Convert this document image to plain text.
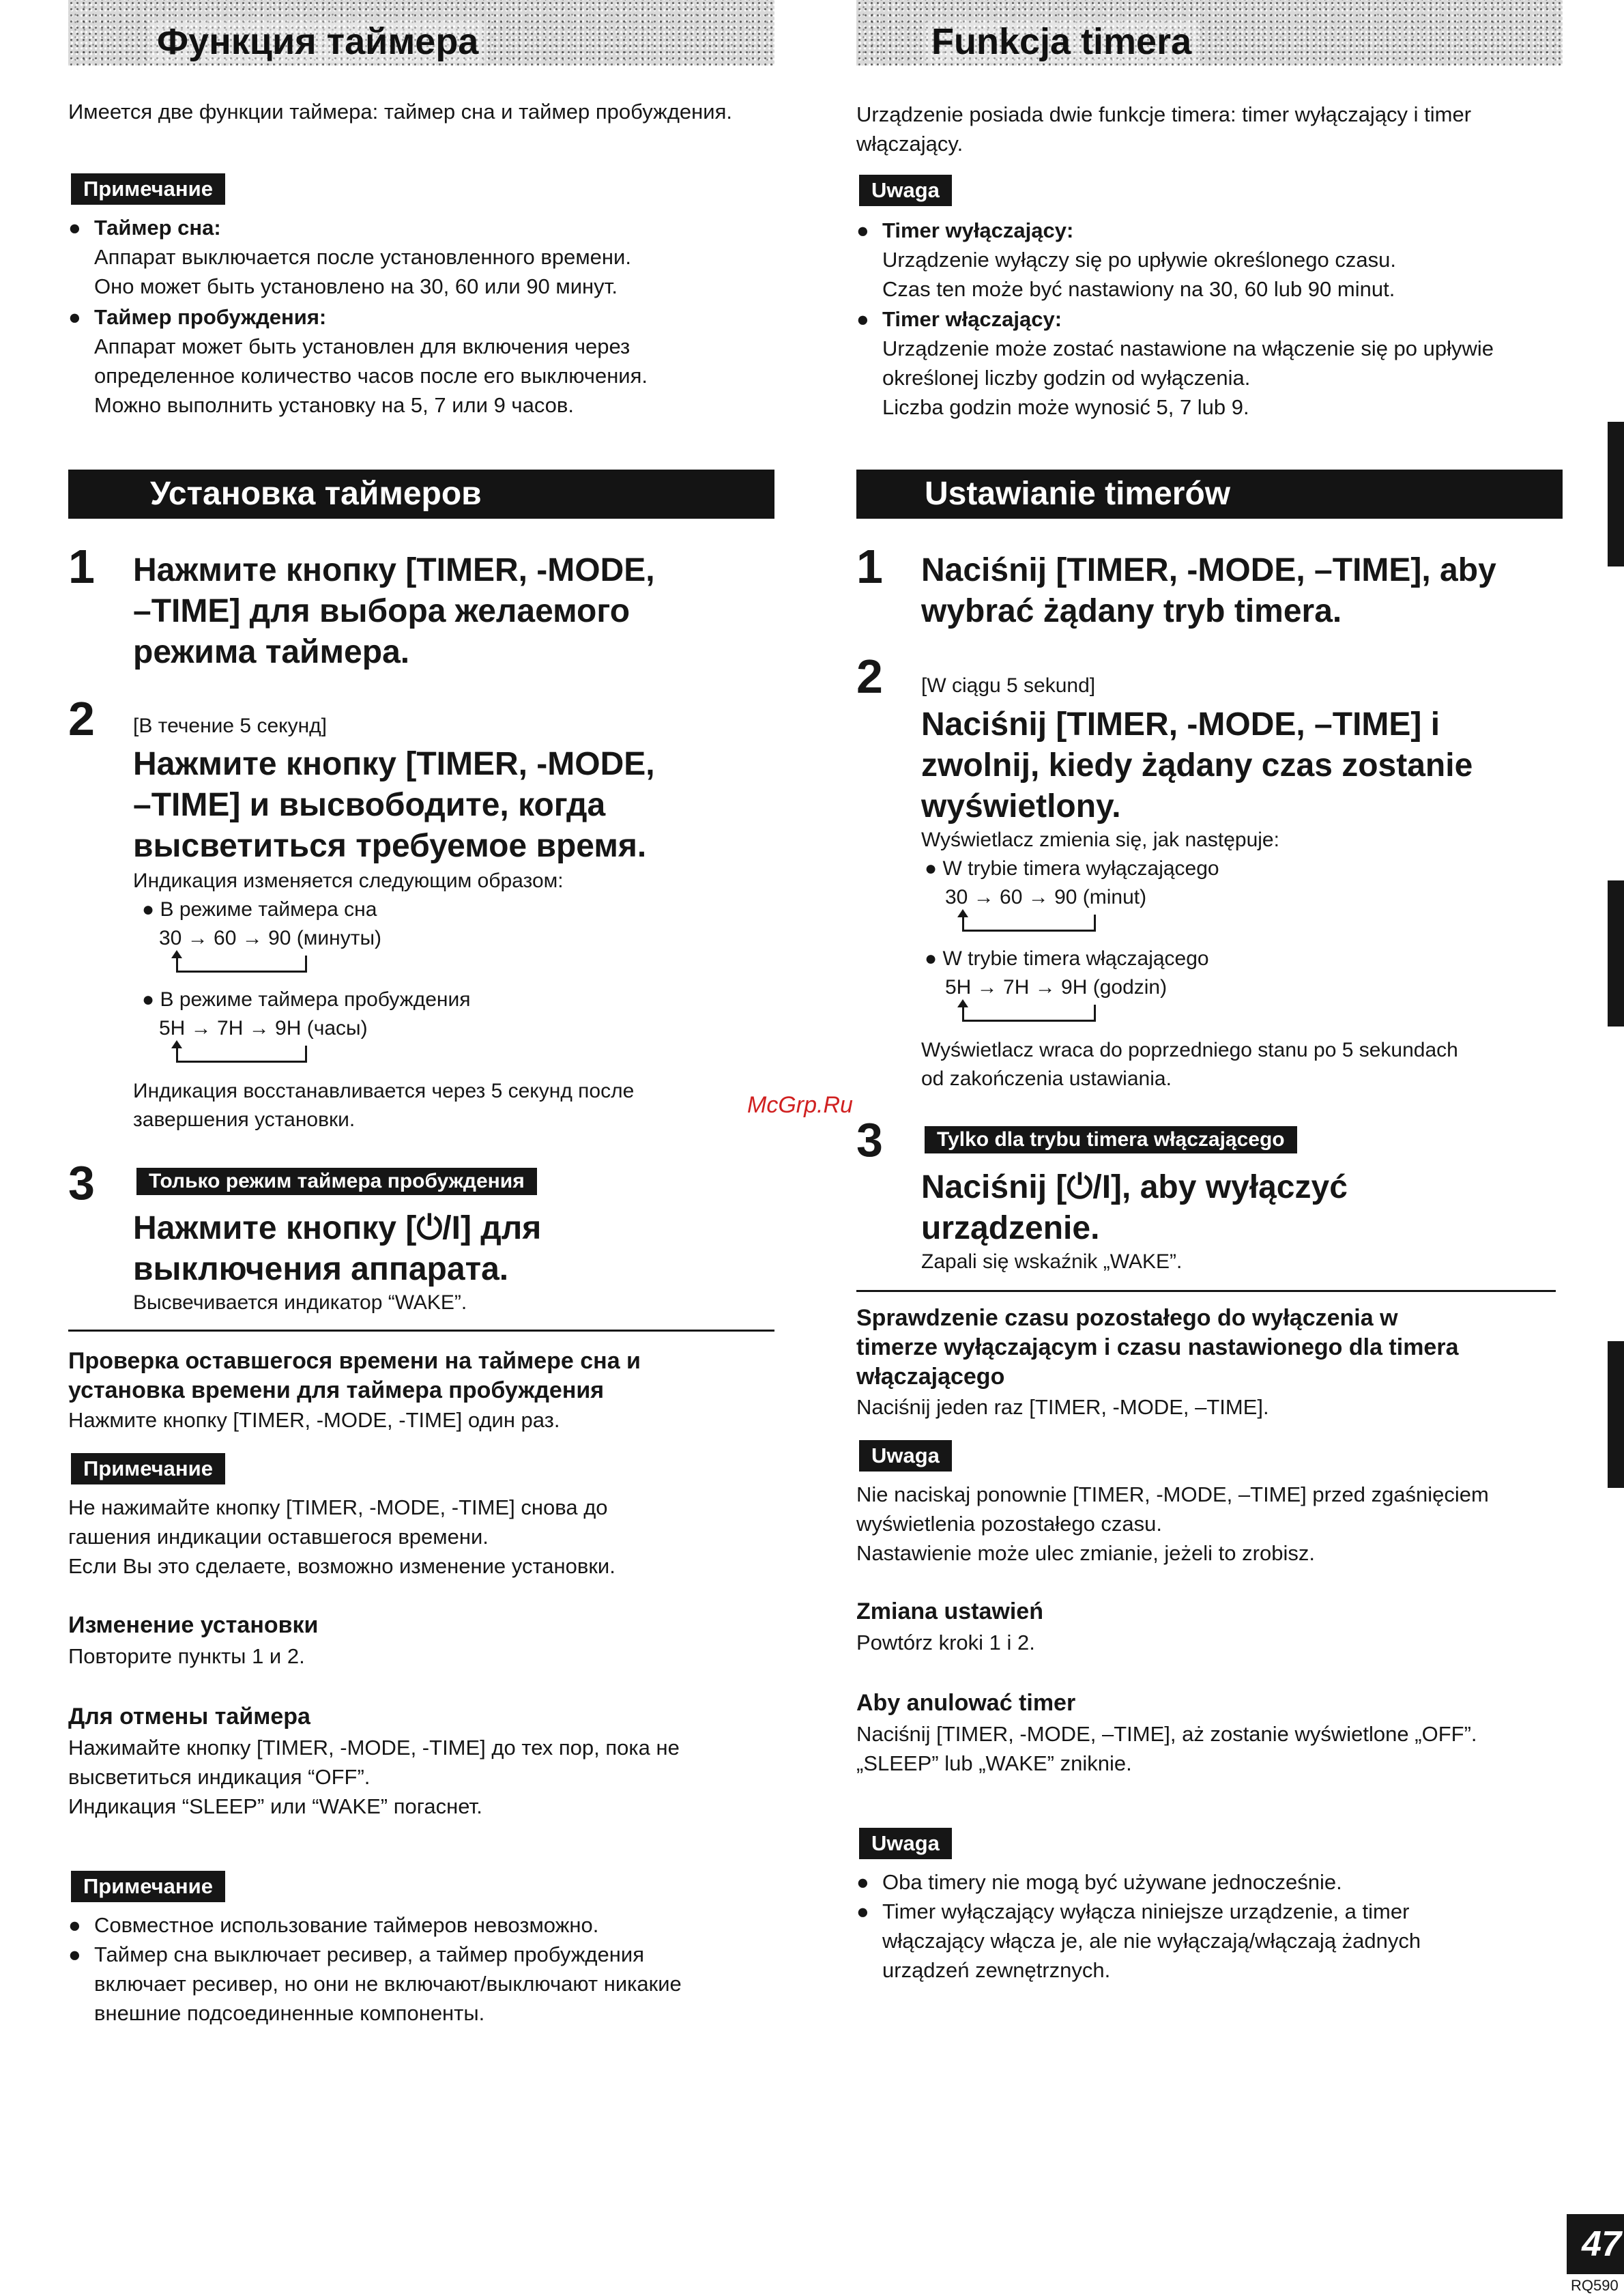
Функция таймера
Имеется две функции таймера: таймер сна и таймер пробуждения.
Примечание
● Таймер сна:
Аппарат выключается после установленного времени.
Оно может быть установлено на 30, 60 или 90 минут.
● Таймер пробуждения:
Аппарат может быть установлен для включения через
определенное количество часов после его выключения.
Можно выполнить установку на 5, 7 или 9 часов.
Установка таймеров
1 Нажмите кнопку [TIMER, -MODE,
–TIME] для выбора желаемого
режима таймера.
2 [В течение 5 секунд]
Нажмите кнопку [TIMER, -MODE,
–TIME] и высвободите, когда
высветиться требуемое время.
Индикация изменяется следующим образом:
● В режиме таймера сна
30 → 60 → 90 (минуты)
● В режиме таймера пробуждения
5H → 7H → 9H (часы)
Индикация восстанавливается через 5 секунд после
завершения установки.
3	Только режим таймера пробуждения
Нажмите кнопку [⏻/I] для
выключения аппарата.
Высвечивается индикатор “WAKE”.
Проверка оставшегося времени на таймере сна и
установка времени для таймера пробуждения
Нажмите кнопку [TIMER, -MODE, -TIME] один раз.
Примечание
Не нажимайте кнопку [TIMER, -MODE, -TIME] снова до
гашения индикации оставшегося времени.
Если Вы это сделаете, возможно изменение установки.
Изменение установки
Повторите пункты 1 и 2.
Для отмены таймера
Нажимайте кнопку [TIMER, -MODE, -TIME] до тех пор, пока не
высветиться индикация “OFF”.
Индикация “SLEEP” или “WAKE” погаснет.
Примечание
● Совместное использование таймеров невозможно.
● Таймер сна выключает ресивер, а таймер пробуждения
включает ресивер, но они не включают/выключают никакие
внешние подсоединенные компоненты.
Funkcja timera
Urządzenie posiada dwie funkcje timera: timer wyłączający i timer
włączający.
Uwaga
● Timer wyłączający:
Urządzenie wyłączy się po upływie określonego czasu.
Czas ten może być nastawiony na 30, 60 lub 90 minut.
● Timer włączający:
Urządzenie może zostać nastawione na włączenie się po upływie
określonej liczby godzin od wyłączenia.
Liczba godzin może wynosić 5, 7 lub 9.
Ustawianie timerów
1 Naciśnij [TIMER, -MODE, –TIME], aby
wybrać żądany tryb timera.
2 [W ciągu 5 sekund]
Naciśnij [TIMER, -MODE, –TIME] i
zwolnij, kiedy żądany czas zostanie
wyświetlony.
Wyświetlacz zmienia się, jak następuje:
● W trybie timera wyłączającego
30 → 60 → 90 (minut)
● W trybie timera włączającego
5H → 7H → 9H (godzin)
Wyświetlacz wraca do poprzedniego stanu po 5 sekundach
od zakończenia ustawiania.
3	Tylko dla trybu timera włączającego
Naciśnij [⏻/I], aby wyłączyć
urządzenie.
Zapali się wskaźnik „WAKE”.
Sprawdzenie czasu pozostałego do wyłączenia w
timerze wyłączającym i czasu nastawionego dla timera
włączającego
Naciśnij jeden raz [TIMER, -MODE, –TIME].
Uwaga
Nie naciskaj ponownie [TIMER, -MODE, –TIME] przed zgaśnięciem
wyświetlenia pozostałego czasu.
Nastawienie może ulec zmianie, jeżeli to zrobisz.
Zmiana ustawień
Powtórz kroki 1 i 2.
Aby anulować timer
Naciśnij [TIMER, -MODE, –TIME], aż zostanie wyświetlone „OFF”.
„SLEEP” lub „WAKE” zniknie.
Uwaga
● Oba timery nie mogą być używane jednocześnie.
● Timer wyłączający wyłącza niniejsze urządzenie, a timer
włączający włącza je, ale nie wyłączają/włączają żadnych
urządzeń zewnętrznych.
McGrp.Ru
47
RQ590
